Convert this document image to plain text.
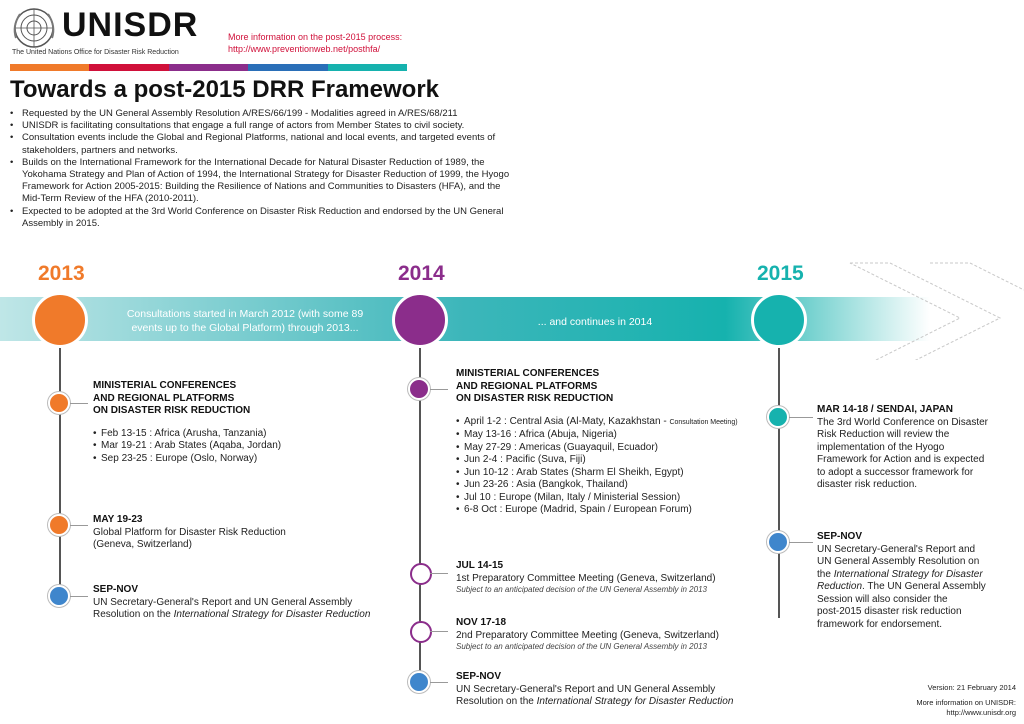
UNISDR
The United Nations Office for Disaster Risk Reduction
More information on the post-2015 process:
http://www.preventionweb.net/posthfa/
Towards a post-2015 DRR Framework
• Requested by the UN General Assembly Resolution A/RES/66/199 - Modalities agreed in A/RES/68/211
• UNISDR is facilitating consultations that engage a full range of actors from Member States to civil society.
• Consultation events include the Global and Regional Platforms, national and local events, and targeted events of stakeholders, partners and networks.
• Builds on the International Framework for the International Decade for Natural Disaster Reduction of 1989, the Yokohama Strategy and Plan of Action of 1994, the International Strategy for Disaster Reduction of 1999, the Hyogo Framework for Action 2005-2015: Building the Resilience of Nations and Communities to Disasters (HFA), and the Mid-Term Review of the HFA (2010-2011).
• Expected to be adopted at the 3rd World Conference on Disaster Risk Reduction and endorsed by the UN General Assembly in 2015.
2013	2014	2015
Consultations started in March 2012 (with some 89 events up to the Global Platform) through 2013...	... and continues in 2014
MINISTERIAL CONFERENCES
AND REGIONAL PLATFORMS
ON DISASTER RISK REDUCTION
• Feb 13-15 : Africa (Arusha, Tanzania)
• Mar 19-21 : Arab States (Aqaba, Jordan)
• Sep 23-25 : Europe (Oslo, Norway)
MAY 19-23
Global Platform for Disaster Risk Reduction
(Geneva, Switzerland)
SEP-NOV
UN Secretary-General's Report and UN General Assembly
Resolution on the International Strategy for Disaster Reduction
MINISTERIAL CONFERENCES
AND REGIONAL PLATFORMS
ON DISASTER RISK REDUCTION
• April 1-2 : Central Asia (Al-Maty, Kazakhstan - Consultation Meeting)
• May 13-16 : Africa (Abuja, Nigeria)
• May 27-29 : Americas (Guayaquil, Ecuador)
• Jun 2-4 : Pacific (Suva, Fiji)
• Jun 10-12 : Arab States (Sharm El Sheikh, Egypt)
• Jun 23-26 : Asia (Bangkok, Thailand)
• Jul 10 : Europe (Milan, Italy / Ministerial Session)
• 6-8 Oct : Europe (Madrid, Spain / European Forum)
JUL 14-15
1st Preparatory Committee Meeting (Geneva, Switzerland)
Subject to an anticipated decision of the UN General Assembly in 2013
NOV 17-18
2nd Preparatory Committee Meeting (Geneva, Switzerland)
Subject to an anticipated decision of the UN General Assembly in 2013
SEP-NOV
UN Secretary-General's Report and UN General Assembly
Resolution on the International Strategy for Disaster Reduction
MAR 14-18 / SENDAI, JAPAN
The 3rd World Conference on Disaster
Risk Reduction will review the
implementation of the Hyogo
Framework for Action and is expected
to adopt a successor framework for
disaster risk reduction.
SEP-NOV
UN Secretary-General's Report and
UN General Assembly Resolution on
the International Strategy for Disaster
Reduction. The UN General Assembly
Session will also consider the
post-2015 disaster risk reduction
framework for endorsement.
Version: 21 February 2014
More information on UNISDR:
http://www.unisdr.org
